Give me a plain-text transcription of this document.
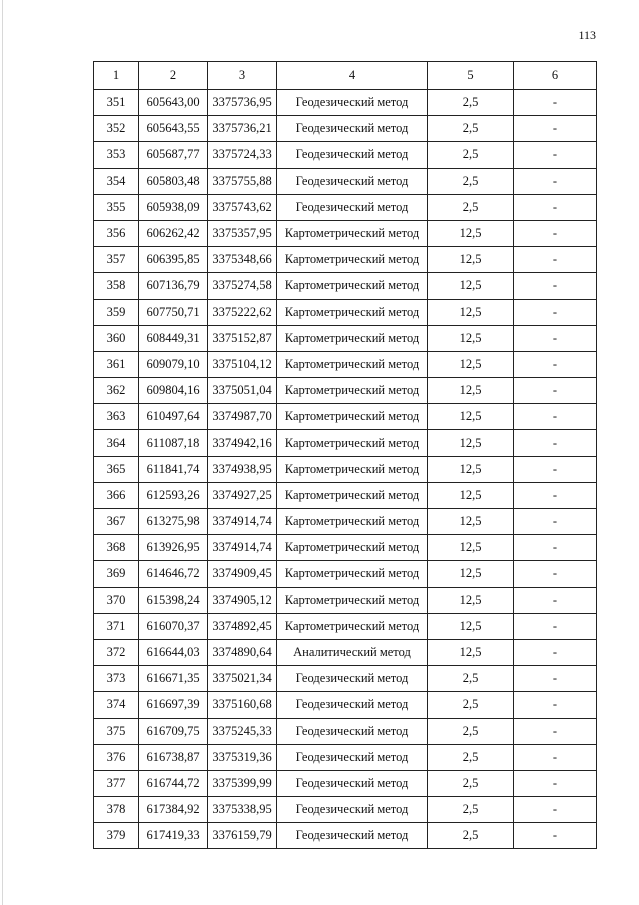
113
1	2	3	4	5	6
351	605643,00	3375736,95	Геодезический метод	2,5	-
352	605643,55	3375736,21	Геодезический метод	2,5	-
353	605687,77	3375724,33	Геодезический метод	2,5	-
354	605803,48	3375755,88	Геодезический метод	2,5	-
355	605938,09	3375743,62	Геодезический метод	2,5	-
356	606262,42	3375357,95	Картометрический метод	12,5	-
357	606395,85	3375348,66	Картометрический метод	12,5	-
358	607136,79	3375274,58	Картометрический метод	12,5	-
359	607750,71	3375222,62	Картометрический метод	12,5	-
360	608449,31	3375152,87	Картометрический метод	12,5	-
361	609079,10	3375104,12	Картометрический метод	12,5	-
362	609804,16	3375051,04	Картометрический метод	12,5	-
363	610497,64	3374987,70	Картометрический метод	12,5	-
364	611087,18	3374942,16	Картометрический метод	12,5	-
365	611841,74	3374938,95	Картометрический метод	12,5	-
366	612593,26	3374927,25	Картометрический метод	12,5	-
367	613275,98	3374914,74	Картометрический метод	12,5	-
368	613926,95	3374914,74	Картометрический метод	12,5	-
369	614646,72	3374909,45	Картометрический метод	12,5	-
370	615398,24	3374905,12	Картометрический метод	12,5	-
371	616070,37	3374892,45	Картометрический метод	12,5	-
372	616644,03	3374890,64	Аналитический метод	12,5	-
373	616671,35	3375021,34	Геодезический метод	2,5	-
374	616697,39	3375160,68	Геодезический метод	2,5	-
375	616709,75	3375245,33	Геодезический метод	2,5	-
376	616738,87	3375319,36	Геодезический метод	2,5	-
377	616744,72	3375399,99	Геодезический метод	2,5	-
378	617384,92	3375338,95	Геодезический метод	2,5	-
379	617419,33	3376159,79	Геодезический метод	2,5	-
